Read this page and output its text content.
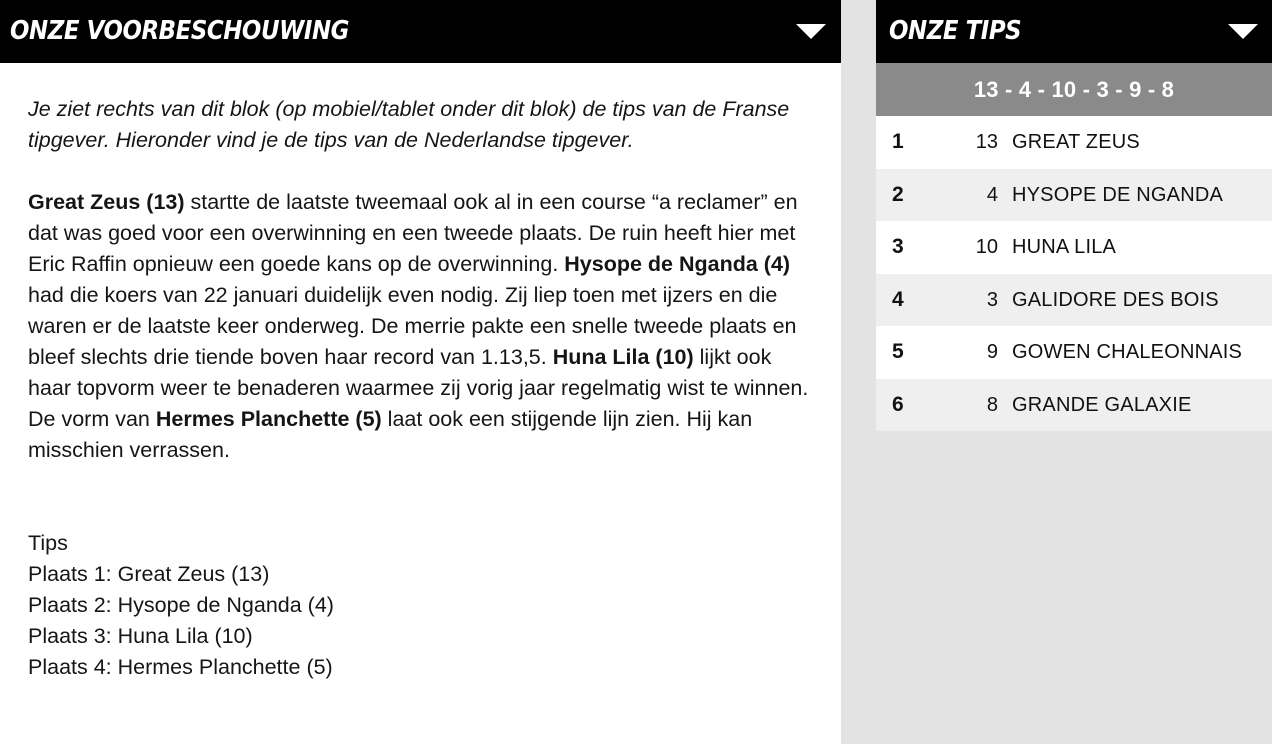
ONZE VOORBESCHOUWING

Je ziet rechts van dit blok (op mobiel/tablet onder dit blok) de tips van de Franse tipgever. Hieronder vind je de tips van de Nederlandse tipgever.

Great Zeus (13) startte de laatste tweemaal ook al in een course “a reclamer” en dat was goed voor een overwinning en een tweede plaats. De ruin heeft hier met Eric Raffin opnieuw een goede kans op de overwinning. Hysope de Nganda (4) had die koers van 22 januari duidelijk even nodig. Zij liep toen met ijzers en die waren er de laatste keer onderweg. De merrie pakte een snelle tweede plaats en bleef slechts drie tiende boven haar record van 1.13,5. Huna Lila (10) lijkt ook haar topvorm weer te benaderen waarmee zij vorig jaar regelmatig wist te winnen. De vorm van Hermes Planchette (5) laat ook een stijgende lijn zien. Hij kan misschien verrassen.

Tips
Plaats 1: Great Zeus (13)
Plaats 2: Hysope de Nganda (4)
Plaats 3: Huna Lila (10)
Plaats 4: Hermes Planchette (5)
ONZE TIPS
13 - 4 - 10 - 3 - 9 - 8
1	13 GREAT ZEUS
2	4 HYSOPE DE NGANDA
3	10 HUNA LILA
4	3 GALIDORE DES BOIS
5	9 GOWEN CHALEONNAIS
6	8 GRANDE GALAXIE
